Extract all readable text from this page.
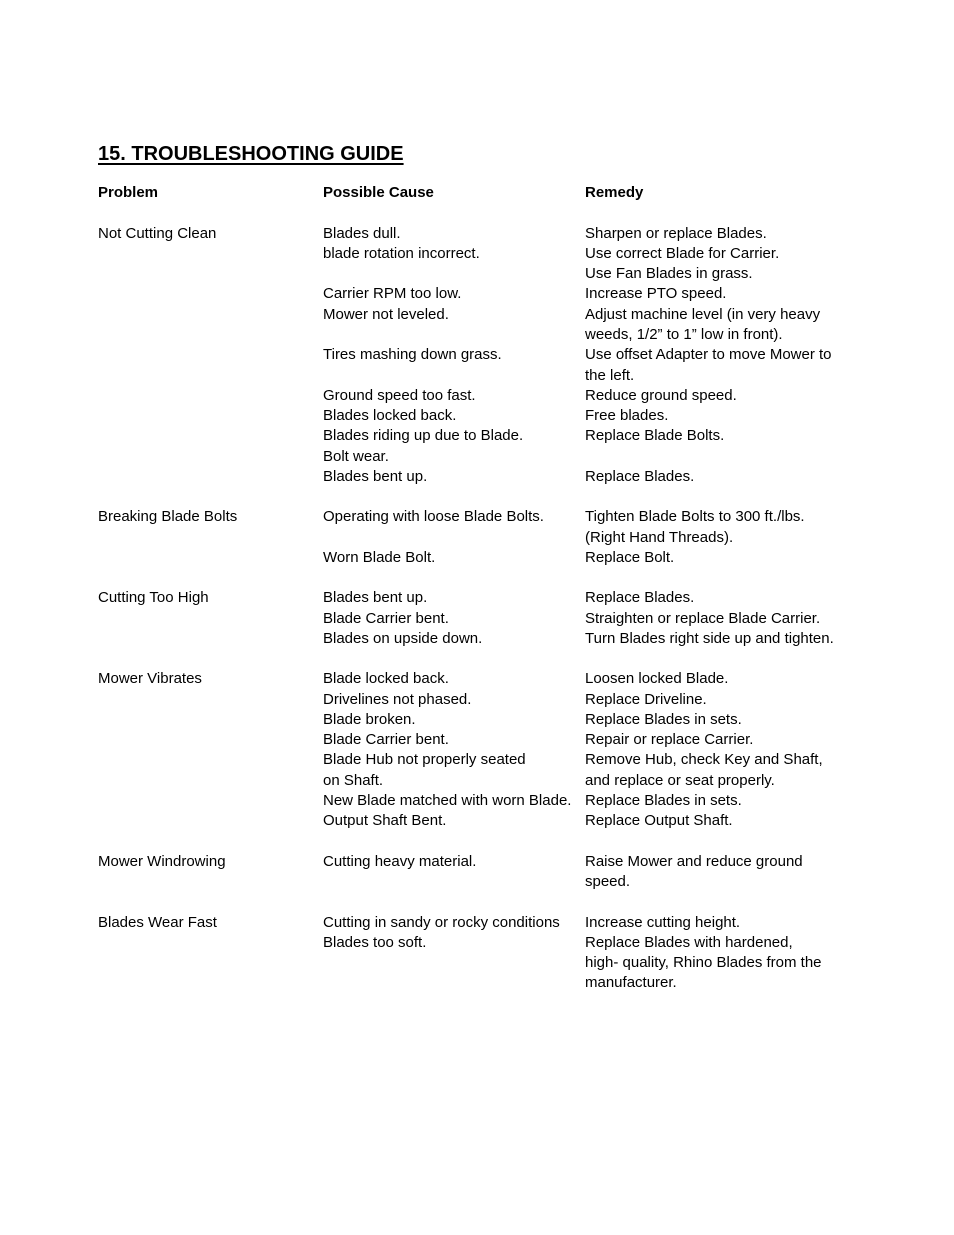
15. TROUBLESHOOTING GUIDE
Problem	Possible Cause	Remedy
Not Cutting Clean
Breaking Blade Bolts
Cutting Too High
Mower Vibrates
Mower Windrowing
Blades Wear Fast
Blades dull.
blade rotation incorrect.
Carrier RPM too low.
Mower not leveled.
Tires mashing down grass.
Ground speed too fast.
Blades locked back.
Blades riding up due to Blade.
Bolt wear.
Blades bent up.
Operating with loose Blade Bolts.
Worn Blade Bolt.
Blades bent up.
Blade Carrier bent.
Blades on upside down.
Blade locked back.
Drivelines not phased.
Blade broken.
Blade Carrier bent.
Blade Hub not properly seated
on Shaft.
New Blade matched with worn Blade.
Output Shaft Bent.
Cutting heavy material.
Cutting in sandy or rocky conditions
Blades too soft.
Sharpen or replace Blades.
Use correct Blade for Carrier.
Use Fan Blades in grass.
Increase PTO speed.
Adjust machine level (in very heavy
weeds, 1/2” to 1” low in front).
Use offset Adapter to move Mower to
the left.
Reduce ground speed.
Free blades.
Replace Blade Bolts.
Replace Blades.
Tighten Blade Bolts to 300 ft./lbs.
(Right Hand Threads).
Replace Bolt.
Replace Blades.
Straighten or replace Blade Carrier.
Turn Blades right side up and tighten.
Loosen locked Blade.
Replace Driveline.
Replace Blades in sets.
Repair or replace Carrier.
Remove Hub, check Key and Shaft,
and replace or seat properly.
Replace Blades in sets.
Replace Output Shaft.
Raise Mower and reduce ground
speed.
Increase cutting height.
Replace Blades with hardened,
high- quality, Rhino Blades from the
manufacturer.
